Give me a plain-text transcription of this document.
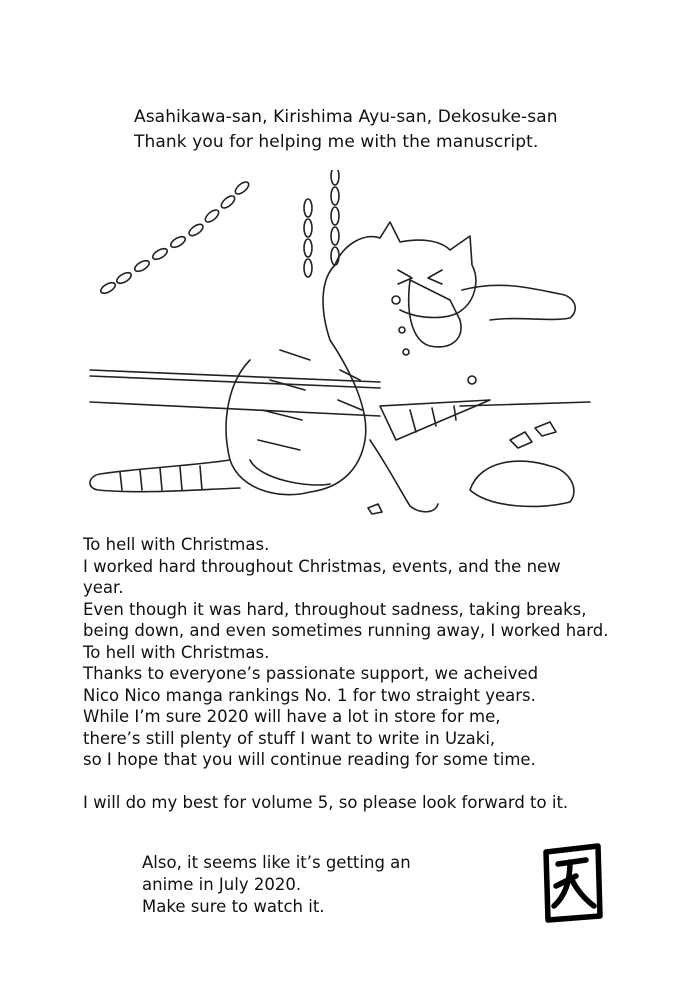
Asahikawa-san, Kirishima Ayu-san, Dekosuke-san
Thank you for helping me with the manuscript.

To hell with Christmas.

I worked hard throughout Christmas, events, and the new

year.

Even though it was hard, throughout sadness, taking breaks,

being down, and even sometimes running away, I worked hard.

To hell with Christmas.

Thanks to everyone’s passionate support, we acheived

Nico Nico manga rankings No. 1 for two straight years.

While I’m sure 2020 will have a lot in store for me,

there’s still plenty of stuff I want to write in Uzaki,

so I hope that you will continue reading for some time.

I will do my best for volume 5, so please look forward to it.

Also, it seems like it’s getting an

anime in July 2020.

Make sure to watch it.
